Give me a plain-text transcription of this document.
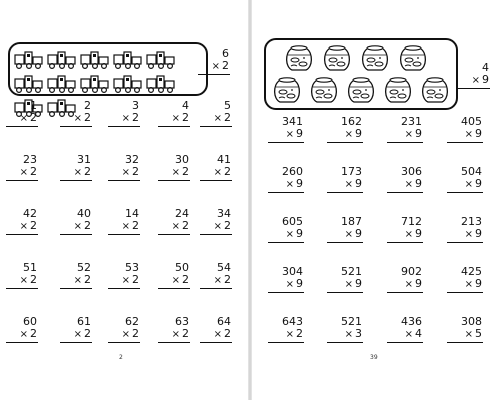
6
× 2
1
× 2
2
× 2
3
× 2
4
× 2
5
× 2
23
× 2
31
× 2
32
× 2
30
× 2
41
× 2
42
× 2
40
× 2
14
× 2
24
× 2
34
× 2
51
× 2
52
× 2
53
× 2
50
× 2
54
× 2
60
× 2
61
× 2
62
× 2
63
× 2
64
× 2
2
4
× 9
341
× 9
162
× 9
231
× 9
405
× 9
260
× 9
173
× 9
306
× 9
504
× 9
605
× 9
187
× 9
712
× 9
213
× 9
304
× 9
521
× 9
902
× 9
425
× 9
643
× 2
521
× 3
436
× 4
308
× 5
39
